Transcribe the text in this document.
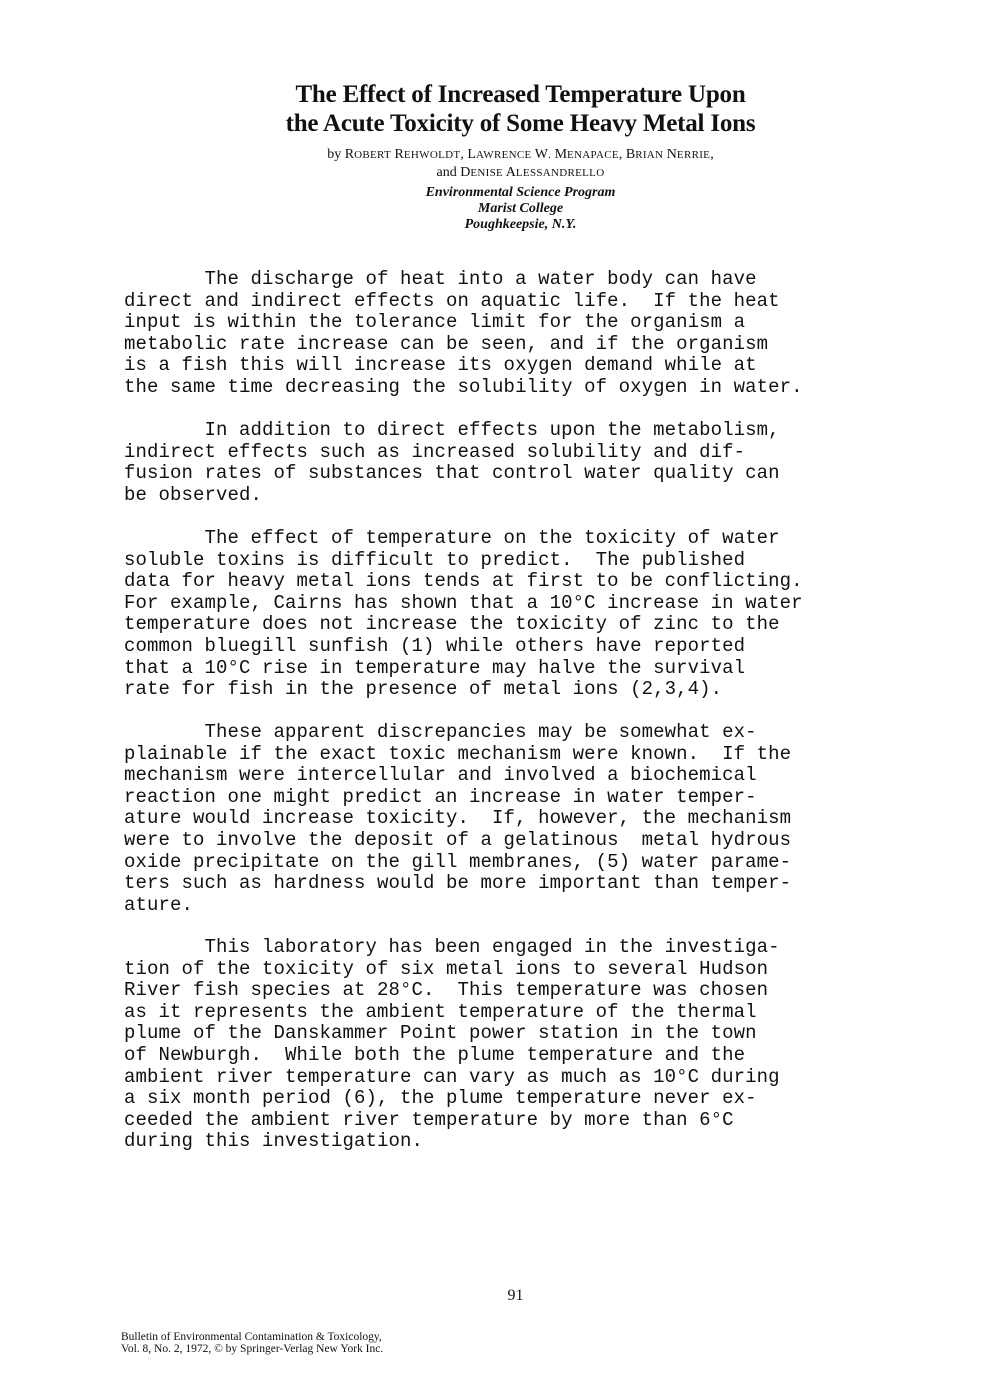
The Effect of Increased Temperature Upon
the Acute Toxicity of Some Heavy Metal Ions
by ROBERT REHWOLDT, LAWRENCE W. MENAPACE, BRIAN NERRIE,
and DENISE ALESSANDRELLO
Environmental Science Program
Marist College
Poughkeepsie, N.Y.
The discharge of heat into a water body can have
direct and indirect effects on aquatic life.  If the heat
input is within the tolerance limit for the organism a
metabolic rate increase can be seen, and if the organism
is a fish this will increase its oxygen demand while at
the same time decreasing the solubility of oxygen in water.
In addition to direct effects upon the metabolism,
indirect effects such as increased solubility and dif-
fusion rates of substances that control water quality can
be observed.
The effect of temperature on the toxicity of water
soluble toxins is difficult to predict.  The published
data for heavy metal ions tends at first to be conflicting.
For example, Cairns has shown that a 10°C increase in water
temperature does not increase the toxicity of zinc to the
common bluegill sunfish (1) while others have reported
that a 10°C rise in temperature may halve the survival
rate for fish in the presence of metal ions (2,3,4).
These apparent discrepancies may be somewhat ex-
plainable if the exact toxic mechanism were known.  If the
mechanism were intercellular and involved a biochemical
reaction one might predict an increase in water temper-
ature would increase toxicity.  If, however, the mechanism
were to involve the deposit of a gelatinous  metal hydrous
oxide precipitate on the gill membranes, (5) water parame-
ters such as hardness would be more important than temper-
ature.
This laboratory has been engaged in the investiga-
tion of the toxicity of six metal ions to several Hudson
River fish species at 28°C.  This temperature was chosen
as it represents the ambient temperature of the thermal
plume of the Danskammer Point power station in the town
of Newburgh.  While both the plume temperature and the
ambient river temperature can vary as much as 10°C during
a six month period (6), the plume temperature never ex-
ceeded the ambient river temperature by more than 6°C
during this investigation.
91
Bulletin of Environmental Contamination & Toxicology,
Vol. 8, No. 2, 1972, © by Springer-Verlag New York Inc.
